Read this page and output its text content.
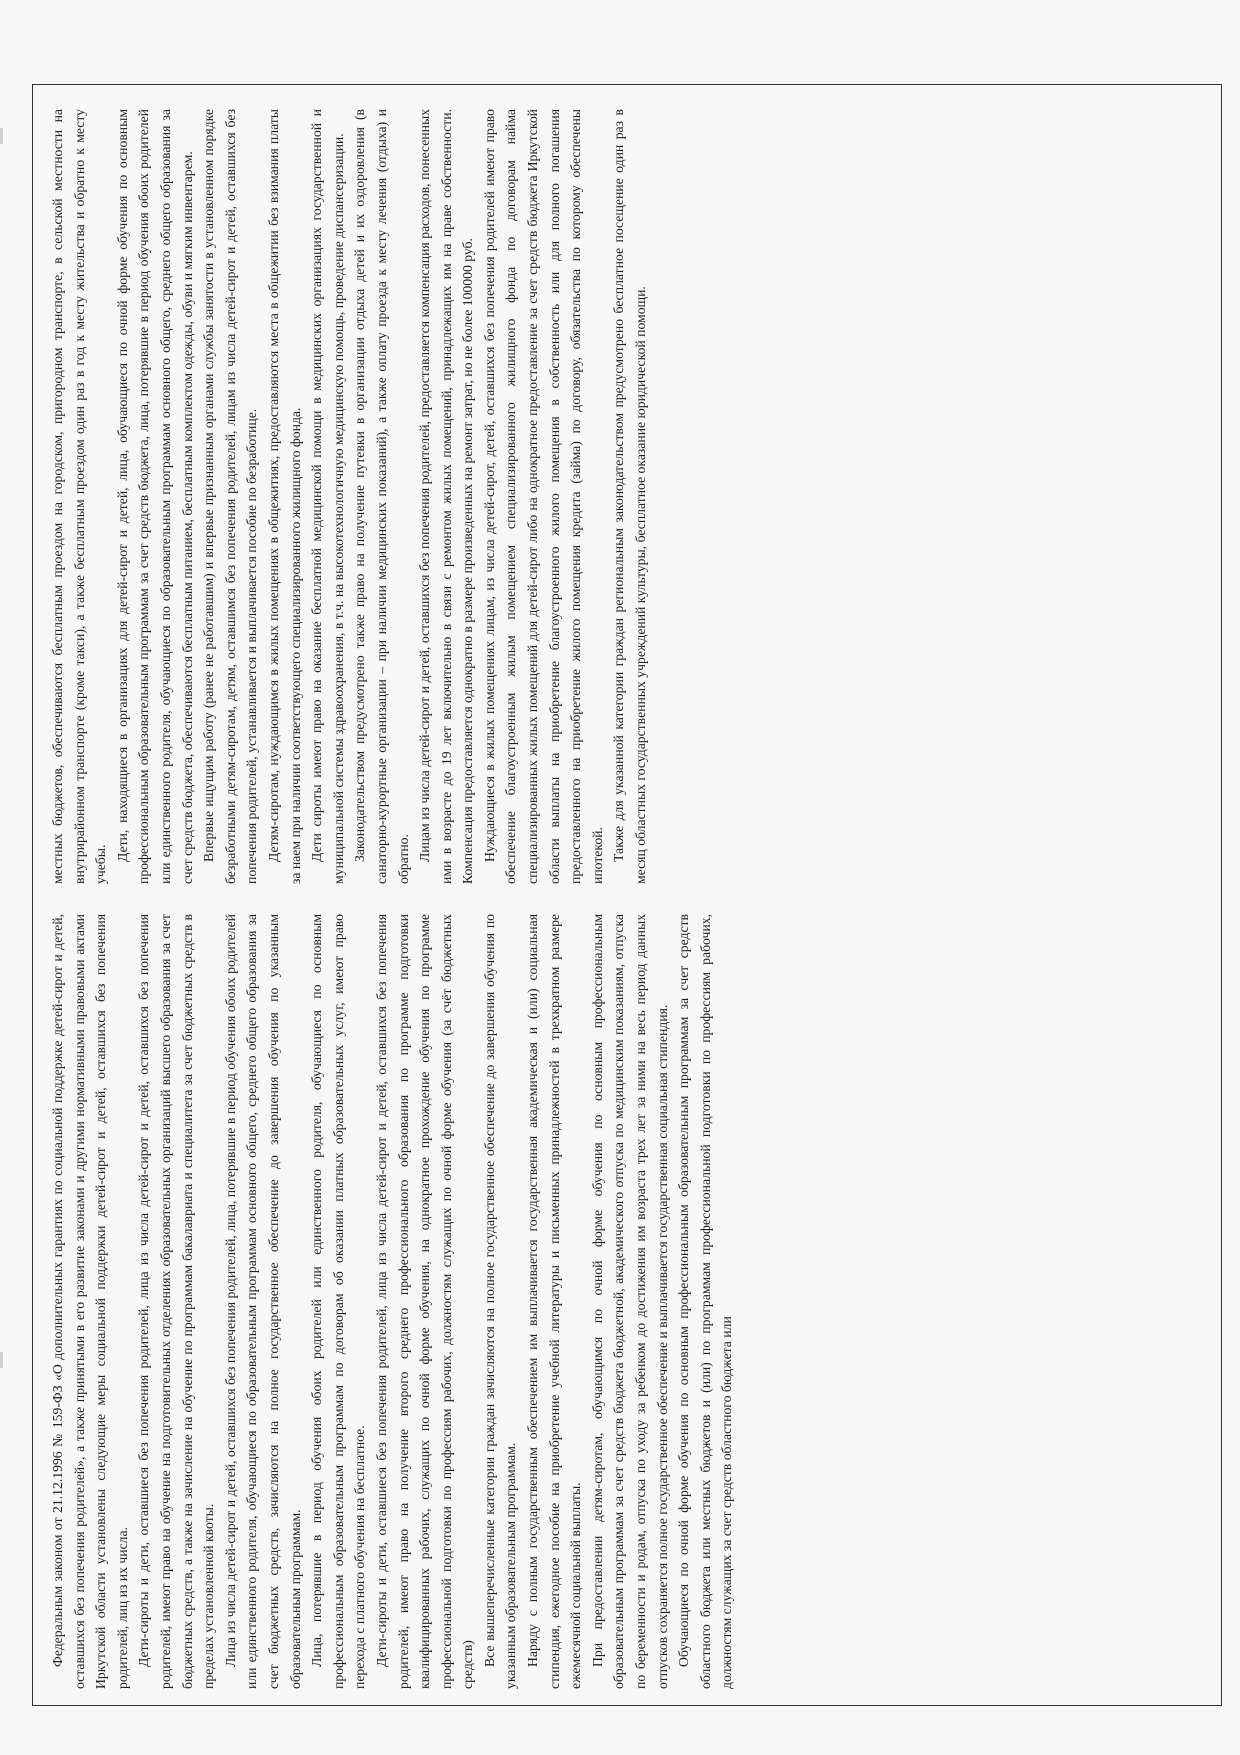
Федеральным законом от 21.12.1996 № 159-ФЗ «О дополнительных гарантиях по социальной поддержке детей-сирот и детей, оставшихся без попечения родителей», а также принятыми в его развитие законами и другими нормативными правовыми актами Иркутской области установлены следующие меры социальной поддержки детей-сирот и детей, оставшихся без попечения родителей, лиц из их числа. Дети-сироты и дети, оставшиеся без попечения родителей, лица из числа детей-сирот и детей, оставшихся без попечения родителей, имеют право на обучение на подготовительных отделениях образовательных организаций высшего образования за счет бюджетных средств, а также на зачисление на обучение по программам бакалавриата и специалитета за счет бюджетных средств в пределах установленной квоты. Лица из числа детей-сирот и детей, оставшихся без попечения родителей, лица, потерявшие в период обучения обоих родителей или единственного родителя, обучающиеся по образовательным программам основного общего, среднего общего образования за счет бюджетных средств, зачисляются на полное государственное обеспечение до завершения обучения по указанным образовательным программам. Лица, потерявшие в период обучения обоих родителей или единственного родителя, обучающиеся по основным профессиональным образовательным программам по договорам об оказании платных образовательных услуг, имеют право перехода с платного обучения на бесплатное. Дети-сироты и дети, оставшиеся без попечения родителей, лица из числа детей-сирот и детей, оставшихся без попечения родителей, имеют право на получение второго среднего профессионального образования по программе подготовки квалифицированных рабочих, служащих по очной форме обучения, на однократное прохождение обучения по программе профессиональной подготовки по профессиям рабочих, должностям служащих по очной форме обучения (за счёт бюджетных средств) Все вышеперечисленные категории граждан зачисляются на полное государственное обеспечение до завершения обучения по указанным образовательным программам. Наряду с полным государственным обеспечением им выплачивается государственная академическая и (или) социальная стипендия, ежегодное пособие на приобретение учебной литературы и письменных принадлежностей в трехкратном размере ежемесячной социальной выплаты. При предоставлении детям-сиротам, обучающимся по очной форме обучения по основным профессиональным образовательным программам за счет средств бюджета бюджетной, академического отпуска по медицинским показаниям, отпуска по беременности и родам, отпуска по уходу за ребенком до достижения им возраста трех лет за ними на весь период данных отпусков сохраняется полное государственное обеспечение и выплачивается государственная социальная стипендия. Обучающиеся по очной форме обучения по основным профессиональным образовательным программам за счет средств областного бюджета или местных бюджетов и (или) по программам профессиональной подготовки по профессиям рабочих, должностям служащих за счет средств областного бюджета или

местных бюджетов, обеспечиваются бесплатным проездом на городском, пригородном транспорте, в сельской местности на внутрирайонном транспорте (кроме такси), а также бесплатным проездом один раз в год к месту жительства и обратно к месту учебы.

Дети, находящиеся в организациях для детей-сирот и детей, лица, обучающиеся по очной форме обучения по основным профессиональным образовательным программам за счет средств бюджета, лица, потерявшие в период обучения обоих родителей или единственного родителя, обучающиеся по образовательным программам основного общего, среднего общего образования за счет средств бюджета, обеспечиваются бесплатным питанием, бесплатным комплектом одежды, обуви и мягким инвентарем. Впервые ищущим работу (ранее не работавшим) и впервые признанным органами службы занятости в установленном порядке безработными детям-сиротам, детям, оставшимся без попечения родителей, лицам из числа детей-сирот и детей, оставшихся без попечения родителей, устанавливается и выплачивается пособие по безработице. Детям-сиротам, нуждающимся в жилых помещениях в общежитиях, предоставляются места в общежитии без взимания платы за наем при наличии соответствующего специализированного жилищного фонда. Дети сироты имеют право на оказание бесплатной медицинской помощи в медицинских организациях государственной и муниципальной системы здравоохранения, в т.ч. на высокотехнологичную медицинскую помощь, проведение диспансеризации. Законодательством предусмотрено также право на получение путевки в организации отдыха детей и их оздоровления (в санаторно-курортные организации – при наличии медицинских показаний), а также оплату проезда к месту лечения (отдыха) и обратно. Лицам из числа детей-сирот и детей, оставшихся без попечения родителей, предоставляется компенсация расходов, понесенных ими в возрасте до 19 лет включительно в связи с ремонтом жилых помещений, принадлежащих им на праве собственности. Компенсация предоставляется однократно в размере произведенных на ремонт затрат, но не более 100000 руб. Нуждающиеся в жилых помещениях лицам, из числа детей-сирот, детей, оставшихся без попечения родителей имеют право обеспечение благоустроенным жилым помещением специализированного жилищного фонда по договорам найма специализированных жилых помещений для детей-сирот либо на однократное предоставление за счет средств бюджета Иркутской области выплаты на приобретение благоустроенного жилого помещения в собственность или для полного погашения предоставленного на приобретение жилого помещения кредита (займа) по договору, обязательства по которому обеспечены ипотекой. Также для указанной категории граждан региональным законодательством предусмотрено бесплатное посещение один раз в месяц областных государственных учреждений культуры, бесплатное оказание юридической помощи.
